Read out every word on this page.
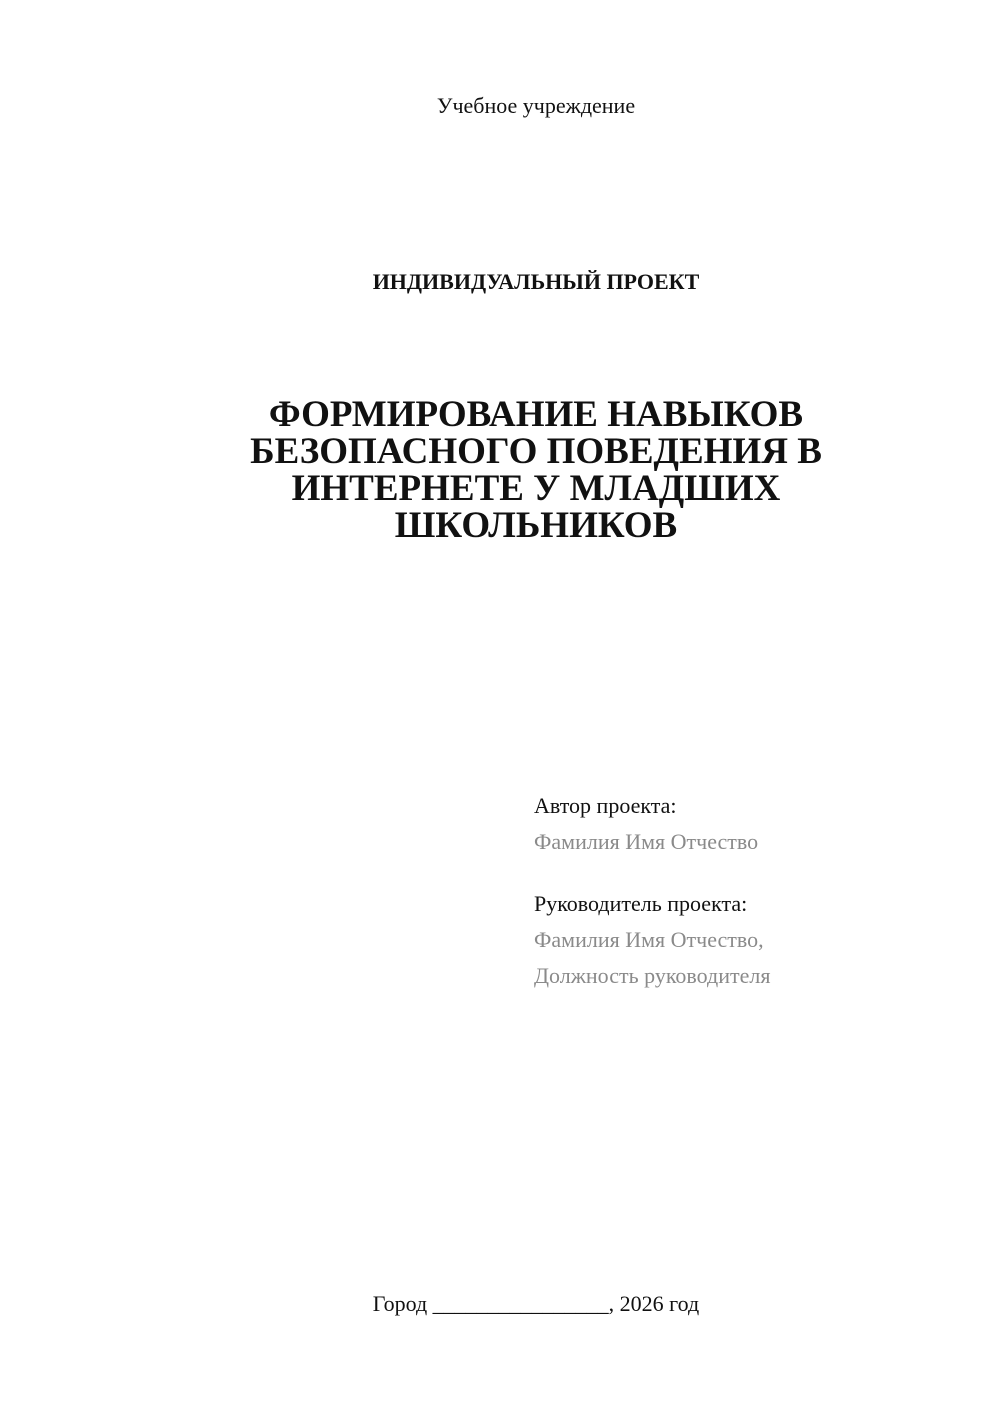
Учебное учреждение
ИНДИВИДУАЛЬНЫЙ ПРОЕКТ
ФОРМИРОВАНИЕ НАВЫКОВ
БЕЗОПАСНОГО ПОВЕДЕНИЯ В
ИНТЕРНЕТЕ У МЛАДШИХ
ШКОЛЬНИКОВ
Автор проекта:
Фамилия Имя Отчество
Руководитель проекта:
Фамилия Имя Отчество,
Должность руководителя
Город ________________, 2026 год
